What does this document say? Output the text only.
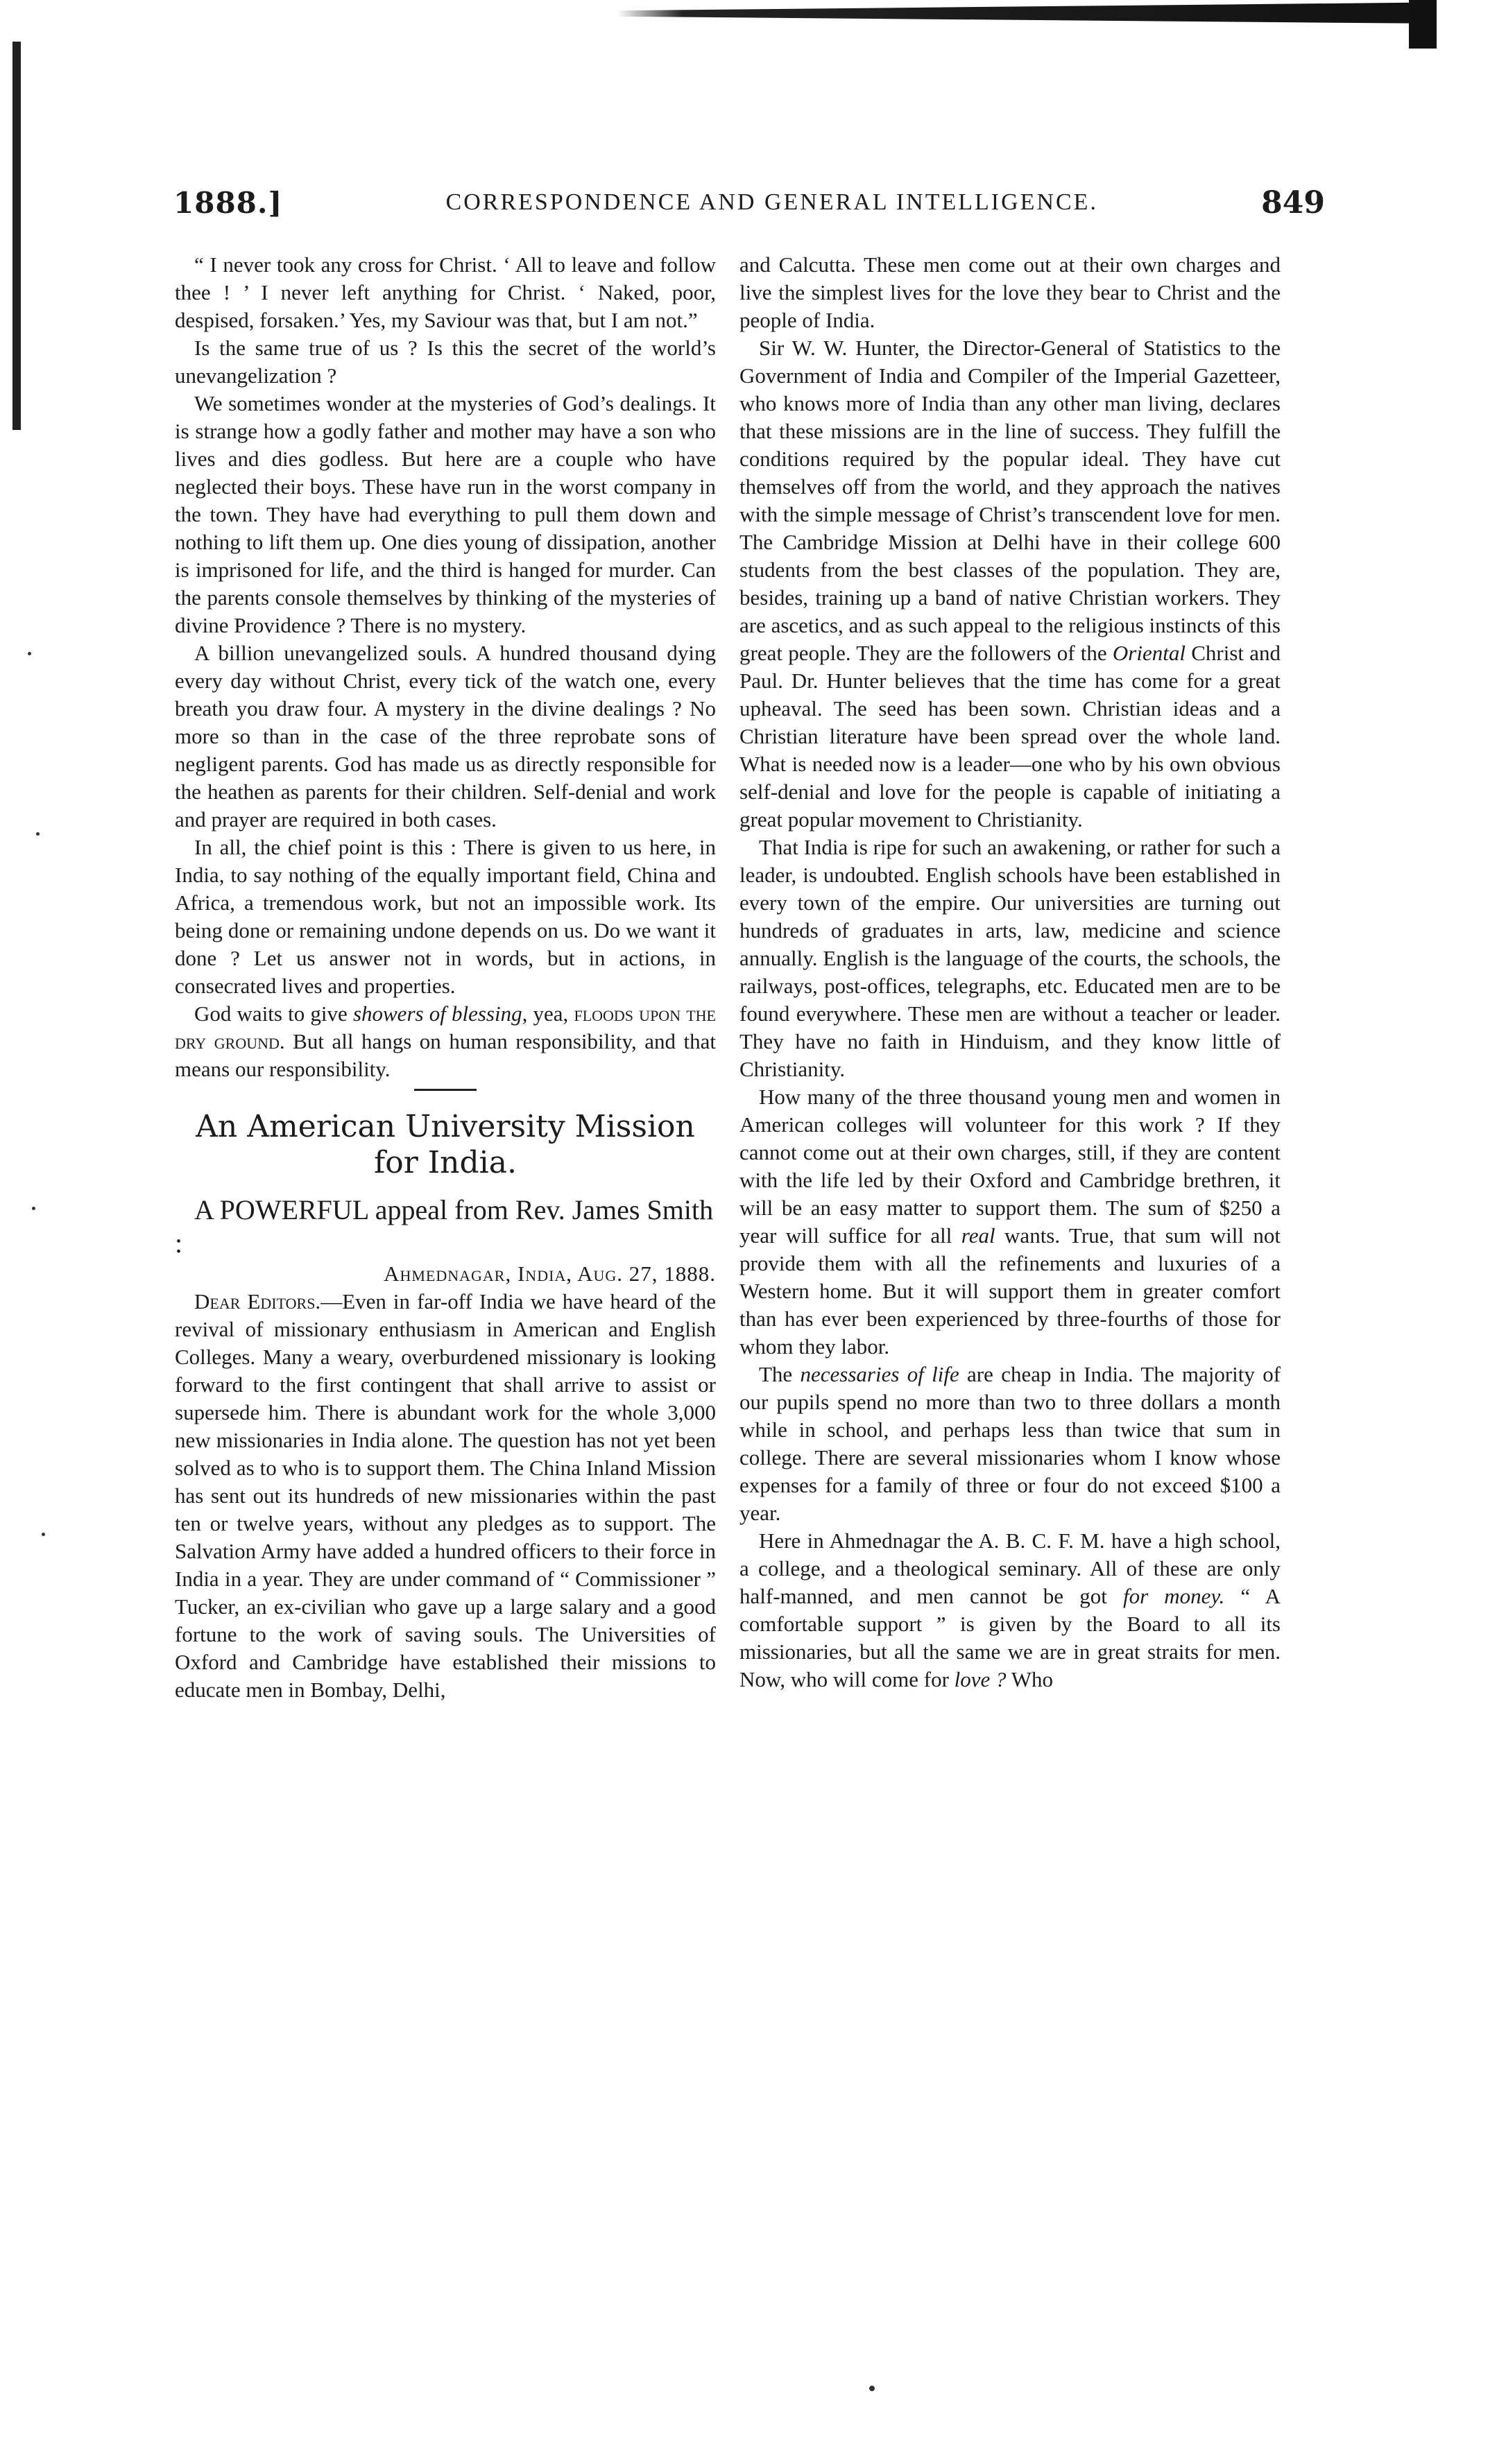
1888.]	CORRESPONDENCE AND GENERAL INTELLIGENCE.	849

“ I never took any cross for Christ. ‘ All to leave and follow thee ! ’ I never left anything for Christ. ‘ Naked, poor, despised, forsaken.’ Yes, my Saviour was that, but I am not.”

Is the same true of us ? Is this the secret of the world’s unevangelization ?

We sometimes wonder at the mysteries of God’s dealings. It is strange how a godly father and mother may have a son who lives and dies godless. But here are a couple who have neglected their boys. These have run in the worst company in the town. They have had everything to pull them down and nothing to lift them up. One dies young of dissipation, another is imprisoned for life, and the third is hanged for murder. Can the parents console themselves by thinking of the mysteries of divine Providence ? There is no mystery.

A billion unevangelized souls. A hundred thousand dying every day without Christ, every tick of the watch one, every breath you draw four. A mystery in the divine dealings ? No more so than in the case of the three reprobate sons of negligent parents. God has made us as directly responsible for the heathen as parents for their children. Self-denial and work and prayer are required in both cases.

In all, the chief point is this : There is given to us here, in India, to say nothing of the equally important field, China and Africa, a tremendous work, but not an impossible work. Its being done or remaining undone depends on us. Do we want it done ? Let us answer not in words, but in actions, in consecrated lives and properties.

God waits to give showers of blessing, yea, floods upon the dry ground. But all hangs on human responsibility, and that means our responsibility.

An American University Mission for India.

A POWERFUL appeal from Rev. James Smith :

Ahmednagar, India, Aug. 27, 1888.

Dear Editors.—Even in far-off India we have heard of the revival of missionary enthusiasm in American and English Colleges. Many a weary, overburdened missionary is looking forward to the first contingent that shall arrive to assist or supersede him. There is abundant work for the whole 3,000 new missionaries in India alone. The question has not yet been solved as to who is to support them. The China Inland Mission has sent out its hundreds of new missionaries within the past ten or twelve years, without any pledges as to support. The Salvation Army have added a hundred officers to their force in India in a year. They are under command of “ Commissioner ” Tucker, an ex-civilian who gave up a large salary and a good fortune to the work of saving souls. The Universities of Oxford and Cambridge have established their missions to educate men in Bombay, Delhi,

and Calcutta. These men come out at their own charges and live the simplest lives for the love they bear to Christ and the people of India.

Sir W. W. Hunter, the Director-General of Statistics to the Government of India and Compiler of the Imperial Gazetteer, who knows more of India than any other man living, declares that these missions are in the line of success. They fulfill the conditions required by the popular ideal. They have cut themselves off from the world, and they approach the natives with the simple message of Christ’s transcendent love for men. The Cambridge Mission at Delhi have in their college 600 students from the best classes of the population. They are, besides, training up a band of native Christian workers. They are ascetics, and as such appeal to the religious instincts of this great people. They are the followers of the Oriental Christ and Paul. Dr. Hunter believes that the time has come for a great upheaval. The seed has been sown. Christian ideas and a Christian literature have been spread over the whole land. What is needed now is a leader—one who by his own obvious self-denial and love for the people is capable of initiating a great popular movement to Christianity.

That India is ripe for such an awakening, or rather for such a leader, is undoubted. English schools have been established in every town of the empire. Our universities are turning out hundreds of graduates in arts, law, medicine and science annually. English is the language of the courts, the schools, the railways, post-offices, telegraphs, etc. Educated men are to be found everywhere. These men are without a teacher or leader. They have no faith in Hinduism, and they know little of Christianity.

How many of the three thousand young men and women in American colleges will volunteer for this work ? If they cannot come out at their own charges, still, if they are content with the life led by their Oxford and Cambridge brethren, it will be an easy matter to support them. The sum of $250 a year will suffice for all real wants. True, that sum will not provide them with all the refinements and luxuries of a Western home. But it will support them in greater comfort than has ever been experienced by three-fourths of those for whom they labor.

The necessaries of life are cheap in India. The majority of our pupils spend no more than two to three dollars a month while in school, and perhaps less than twice that sum in college. There are several missionaries whom I know whose expenses for a family of three or four do not exceed $100 a year.

Here in Ahmednagar the A. B. C. F. M. have a high school, a college, and a theological seminary. All of these are only half-manned, and men cannot be got for money. “ A comfortable support ” is given by the Board to all its missionaries, but all the same we are in great straits for men. Now, who will come for love ? Who
